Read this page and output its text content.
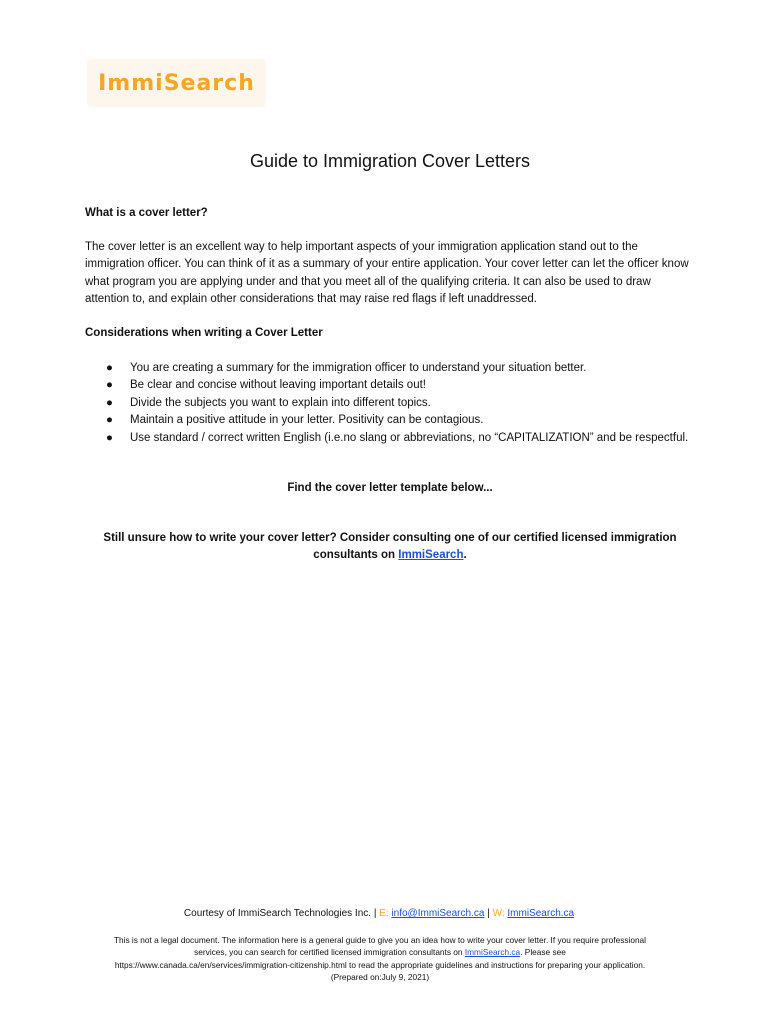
ImmiSearch
Guide to Immigration Cover Letters
What is a cover letter?
The cover letter is an excellent way to help important aspects of your immigration application stand out to the immigration officer. You can think of it as a summary of your entire application. Your cover letter can let the officer know what program you are applying under and that you meet all of the qualifying criteria. It can also be used to draw attention to, and explain other considerations that may raise red flags if left unaddressed.
Considerations when writing a Cover Letter
● You are creating a summary for the immigration officer to understand your situation better.
● Be clear and concise without leaving important details out!
● Divide the subjects you want to explain into different topics.
● Maintain a positive attitude in your letter. Positivity can be contagious.
● Use standard / correct written English (i.e.no slang or abbreviations, no “CAPITALIZATION” and be respectful.
Find the cover letter template below...
Still unsure how to write your cover letter? Consider consulting one of our certified licensed immigration
consultants on ImmiSearch.
Courtesy of ImmiSearch Technologies Inc. | E: info@ImmiSearch.ca | W: ImmiSearch.ca
This is not a legal document. The information here is a general guide to give you an idea how to write your cover letter. If you require professional
services, you can search for certified licensed immigration consultants on ImmiSearch.ca. Please see
https://www.canada.ca/en/services/immigration-citizenship.html to read the appropriate guidelines and instructions for preparing your application.
(Prepared on:July 9, 2021)
